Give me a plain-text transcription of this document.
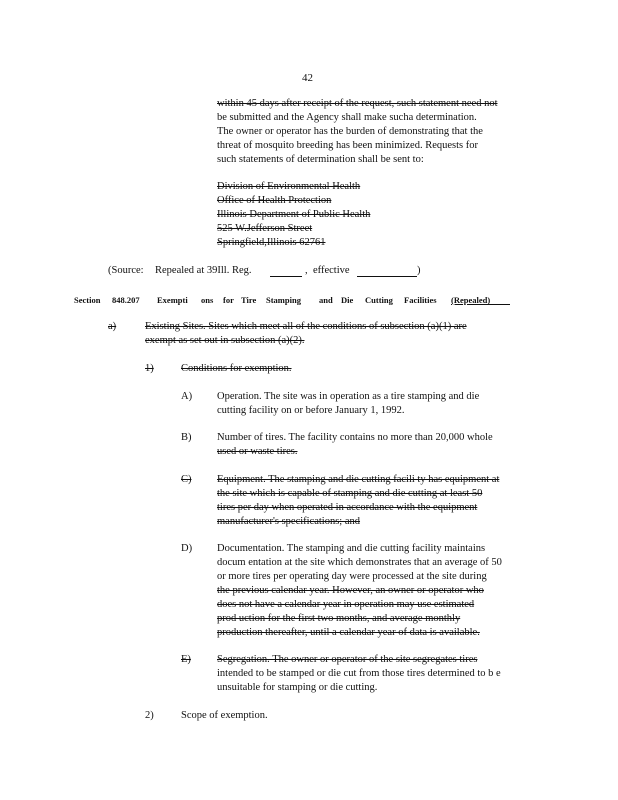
42
within 45 days after receipt of the request, such statement need not
be submitted and the Agency shall make sucha determination.
The owner or operator has the burden of demonstrating that the
threat of mosquito breeding has been minimized. Requests for
such statements of determination shall be sent to:
Division of Environmental Health
Office of Health Protection
Illinois Department of Public Health
525 W.Jefferson Street
Springfield,Illinois 62761
(Source: Repealed at 39Ill. Reg.	, effective	)
Section 848.207 Exempti ons for Tire Stamping and Die Cutting Facilities (Repealed)
a)	Existing Sites. Sites which meet all of the conditions of subsection (a)(1) are
exempt as set out in subsection (a)(2).
1)	Conditions for exemption.
A) Operation. The site was in operation as a tire stamping and die
cutting facility on or before January 1, 1992.
B) Number of tires. The facility contains no more than 20,000 whole
used or waste tires.
C) Equipment. The stamping and die cutting facili ty has equipment at
the site which is capable of stamping and die cutting at least 50
tires per day when operated in accordance with the equipment
manufacturer's specifications; and
D) Documentation. The stamping and die cutting facility maintains
docum entation at the site which demonstrates that an average of 50
or more tires per operating day were processed at the site during
the previous calendar year. However, an owner or operator who
does not have a calendar year in operation may use estimated
prod uction for the first two months, and average monthly
production thereafter, until a calendar year of data is available.
E) Segregation. The owner or operator of the site segregates tires
intended to be stamped or die cut from those tires determined to b e
unsuitable for stamping or die cutting.
2)	Scope of exemption.
